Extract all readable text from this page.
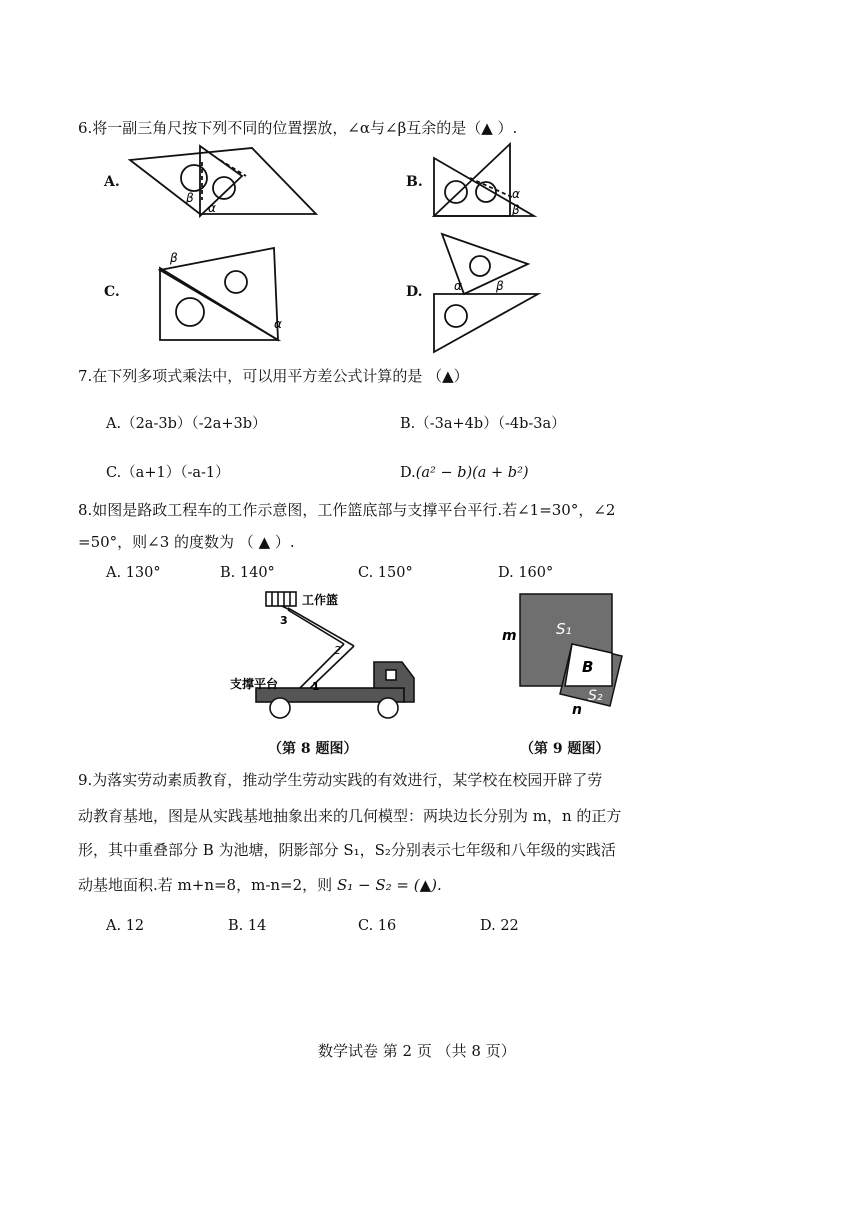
6.将一副三角尺按下列不同的位置摆放，∠α与∠β互余的是（▲ ）.
A.	B.
C.	D.
β
α
α
β
β
α
α	β
7.在下列多项式乘法中，可以用平方差公式计算的是 （▲）
A.（2a-3b）（-2a+3b）	B.（-3a+4b）（-4b-3a）
C.（a+1）（-a-1）	D.(a² − b)(a + b²)
8.如图是路政工程车的工作示意图，工作篮底部与支撑平台平行.若∠1=30°，∠2
=50°，则∠3 的度数为 （ ▲ ）.
A. 130°	B. 140°	C. 150°	D. 160°
工作篮
3
2
1
支撑平台
m
n
S₁
B
S₂
（第 8 题图）	（第 9 题图）
9.为落实劳动素质教育，推动学生劳动实践的有效进行，某学校在校园开辟了劳
动教育基地，图是从实践基地抽象出来的几何模型：两块边长分别为 m，n 的正方
形，其中重叠部分 B 为池塘，阴影部分 S₁，S₂分别表示七年级和八年级的实践活
动基地面积.若 m+n=8，m-n=2，则 S₁ − S₂ = (▲).
A. 12	B. 14	C. 16	D. 22
数学试卷 第 2 页 （共 8 页）
